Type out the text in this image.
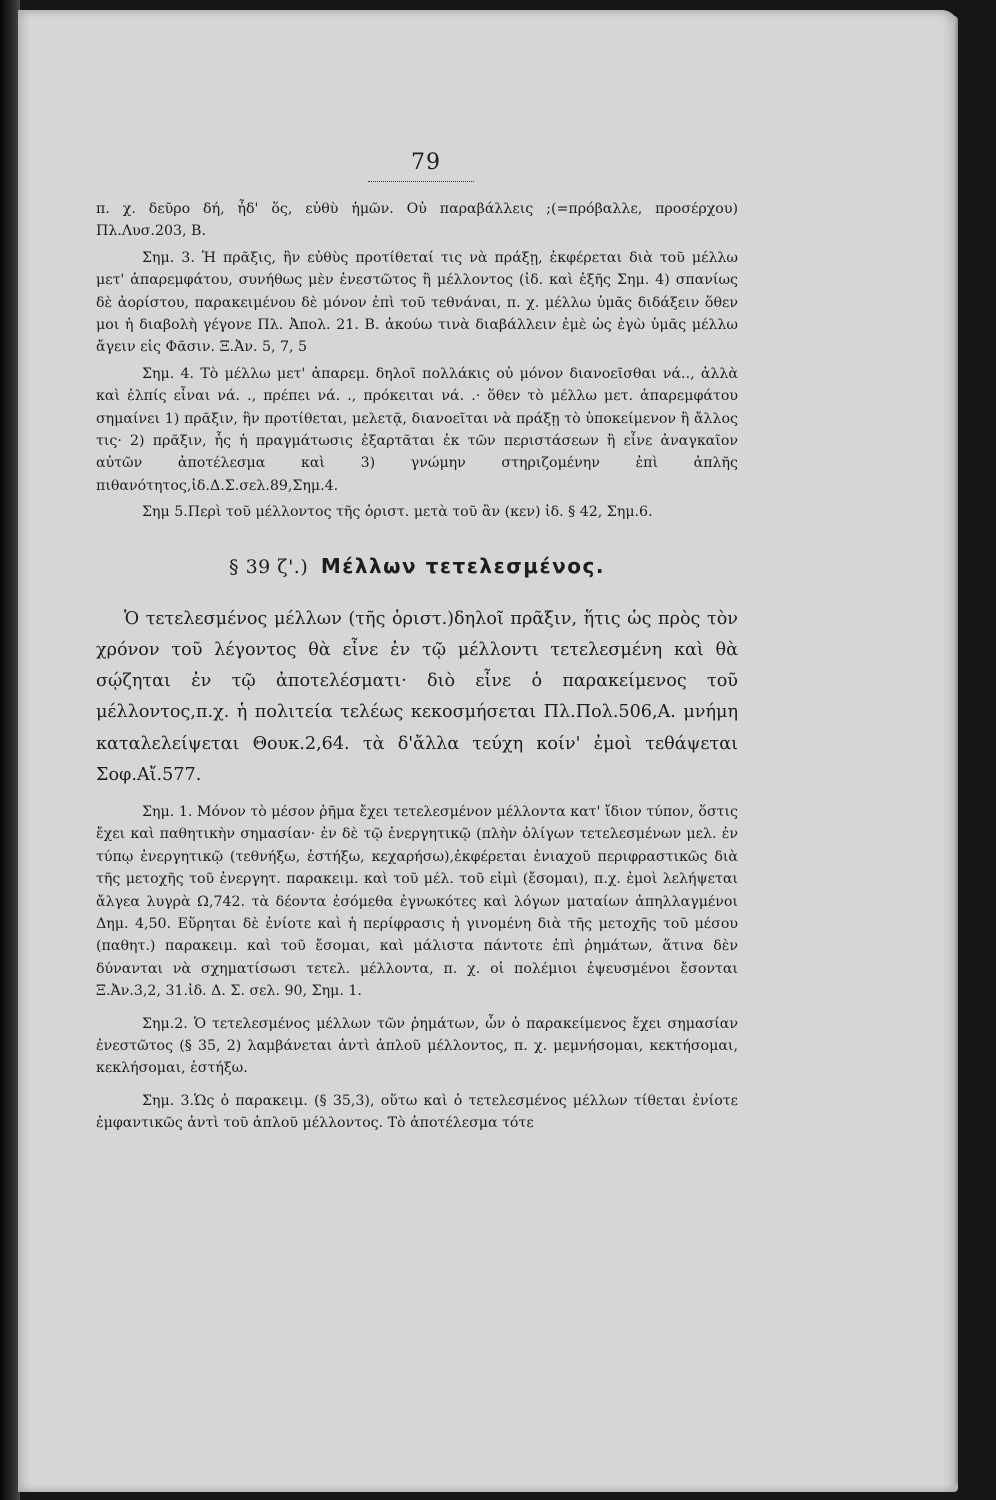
79

π. χ. δεῦρο δή, ἦδ' ὅς, εὐθὺ ἡμῶν. Οὐ παραβάλλεις ;(=πρόβαλλε, προσέρχου) Πλ.Λυσ.203, Β.

Σημ. 3. Ἡ πρᾶξις, ἣν εὐθὺς προτίθεταί τις νὰ πράξῃ, ἐκφέρεται διὰ τοῦ μέλλω μετ' ἀπαρεμφάτου, συνήθως μὲν ἐνεστῶτος ἢ μέλλοντος (ἰδ. καὶ ἑξῆς Σημ. 4) σπανίως δὲ ἀορίστου, παρακειμένου δὲ μόνον ἐπὶ τοῦ τεθνάναι, π. χ. μέλλω ὑμᾶς διδάξειν ὅθεν μοι ἡ διαβολὴ γέγονε Πλ. Ἀπολ. 21. Β. ἀκούω τινὰ διαβάλλειν ἐμὲ ὡς ἐγὼ ὑμᾶς μέλλω ἄγειν εἰς Φᾶσιν. Ξ.Ἀν. 5, 7, 5

Σημ. 4. Τὸ μέλλω μετ' ἀπαρεμ. δηλοῖ πολλάκις οὐ μόνον διανοεῖσθαι νά.., ἀλλὰ καὶ ἐλπίς εἶναι νά. ., πρέπει νά. ., πρόκειται νά. .· ὅθεν τὸ μέλλω μετ. ἀπαρεμφάτου σημαίνει 1) πρᾶξιν, ἣν προτίθεται, μελετᾷ, διανοεῖται νὰ πράξῃ τὸ ὑποκείμενον ἢ ἄλλος τις· 2) πρᾶξιν, ἧς ἡ πραγμάτωσις ἐξαρτᾶται ἐκ τῶν περιστάσεων ἢ εἶνε ἀναγκαῖον αὐτῶν ἀποτέλεσμα καὶ 3) γνώμην στηριζομένην ἐπὶ ἁπλῆς πιθανότητος,ἰδ.Δ.Σ.σελ.89,Σημ.4.

Σημ 5.Περὶ τοῦ μέλλοντος τῆς ὁριστ. μετὰ τοῦ ἂν (κεν) ἰδ. § 42, Σημ.6.

§ 39 ζ'.) Μέλλων τετελεσμένος.

Ὁ τετελεσμένος μέλλων (τῆς ὁριστ.)δηλοῖ πρᾶξιν, ἥτις ὡς πρὸς τὸν χρόνον τοῦ λέγοντος θὰ εἶνε ἐν τῷ μέλλοντι τετελεσμένη καὶ θὰ σῴζηται ἐν τῷ ἀποτελέσματι· διὸ εἶνε ὁ παρακείμενος τοῦ μέλλοντος,π.χ. ἡ πολιτεία τελέως κεκοσμήσεται Πλ.Πολ.506,Α. μνήμη καταλελείψεται Θουκ.2,64. τὰ δ'ἄλλα τεύχη κοίν' ἐμοὶ τεθάψεται Σοφ.Αἴ.577.

Σημ. 1. Μόνον τὸ μέσον ῥῆμα ἔχει τετελεσμένον μέλλοντα κατ' ἴδιον τύπον, ὅστις ἔχει καὶ παθητικὴν σημασίαν· ἐν δὲ τῷ ἐνεργητικῷ (πλὴν ὀλίγων τετελεσμένων μελ. ἐν τύπῳ ἐνεργητικῷ (τεθνήξω, ἑστήξω, κεχαρήσω),ἐκφέρεται ἑνιαχοῦ περιφραστικῶς διὰ τῆς μετοχῆς τοῦ ἐνεργητ. παρακειμ. καὶ τοῦ μέλ. τοῦ εἰμὶ (ἔσομαι), π.χ. ἐμοὶ λελήψεται ἄλγεα λυγρὰ Ω,742. τὰ δέοντα ἐσόμεθα ἐγνωκότες καὶ λόγων ματαίων ἀπηλλαγμένοι Δημ. 4,50. Εὕρηται δὲ ἐνίοτε καὶ ἡ περίφρασις ἡ γινομένη διὰ τῆς μετοχῆς τοῦ μέσου (παθητ.) παρακειμ. καὶ τοῦ ἔσομαι, καὶ μάλιστα πάντοτε ἐπὶ ῥημάτων, ἅτινα δὲν δύνανται νὰ σχηματίσωσι τετελ. μέλλοντα, π. χ. οἱ πολέμιοι ἐψευσμένοι ἔσονται Ξ.Ἀν.3,2, 31.ἰδ. Δ. Σ. σελ. 90, Σημ. 1.

Σημ.2. Ὁ τετελεσμένος μέλλων τῶν ῥημάτων, ὧν ὁ παρακείμενος ἔχει σημασίαν ἐνεστῶτος (§ 35, 2) λαμβάνεται ἀντὶ ἁπλοῦ μέλλοντος, π. χ. μεμνήσομαι, κεκτήσομαι, κεκλήσομαι, ἑστήξω.

Σημ. 3.Ὡς ὁ παρακειμ. (§ 35,3), οὕτω καὶ ὁ τετελεσμένος μέλλων τίθεται ἐνίοτε ἐμφαντικῶς ἀντὶ τοῦ ἁπλοῦ μέλλοντος. Τὸ ἀποτέλεσμα τότε
